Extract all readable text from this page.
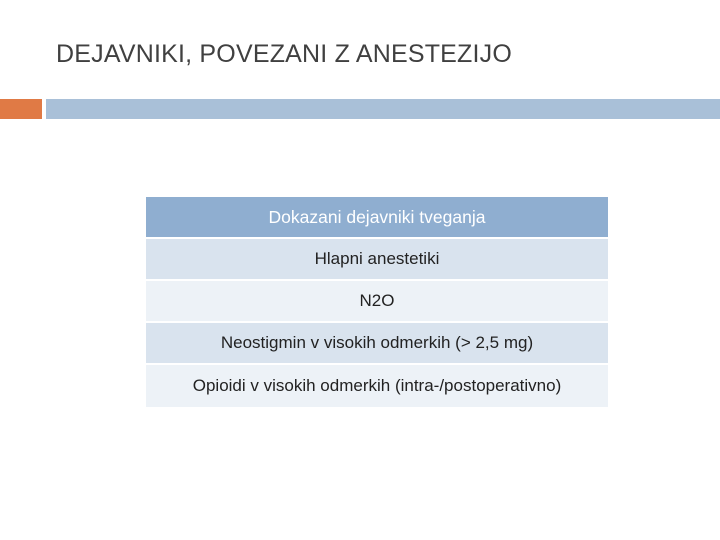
DEJAVNIKI, POVEZANI Z ANESTEZIJO
Dokazani dejavniki tveganja
Hlapni anestetiki
N2O
Neostigmin v visokih odmerkih (> 2,5 mg)
Opioidi v visokih odmerkih (intra-/postoperativno)
